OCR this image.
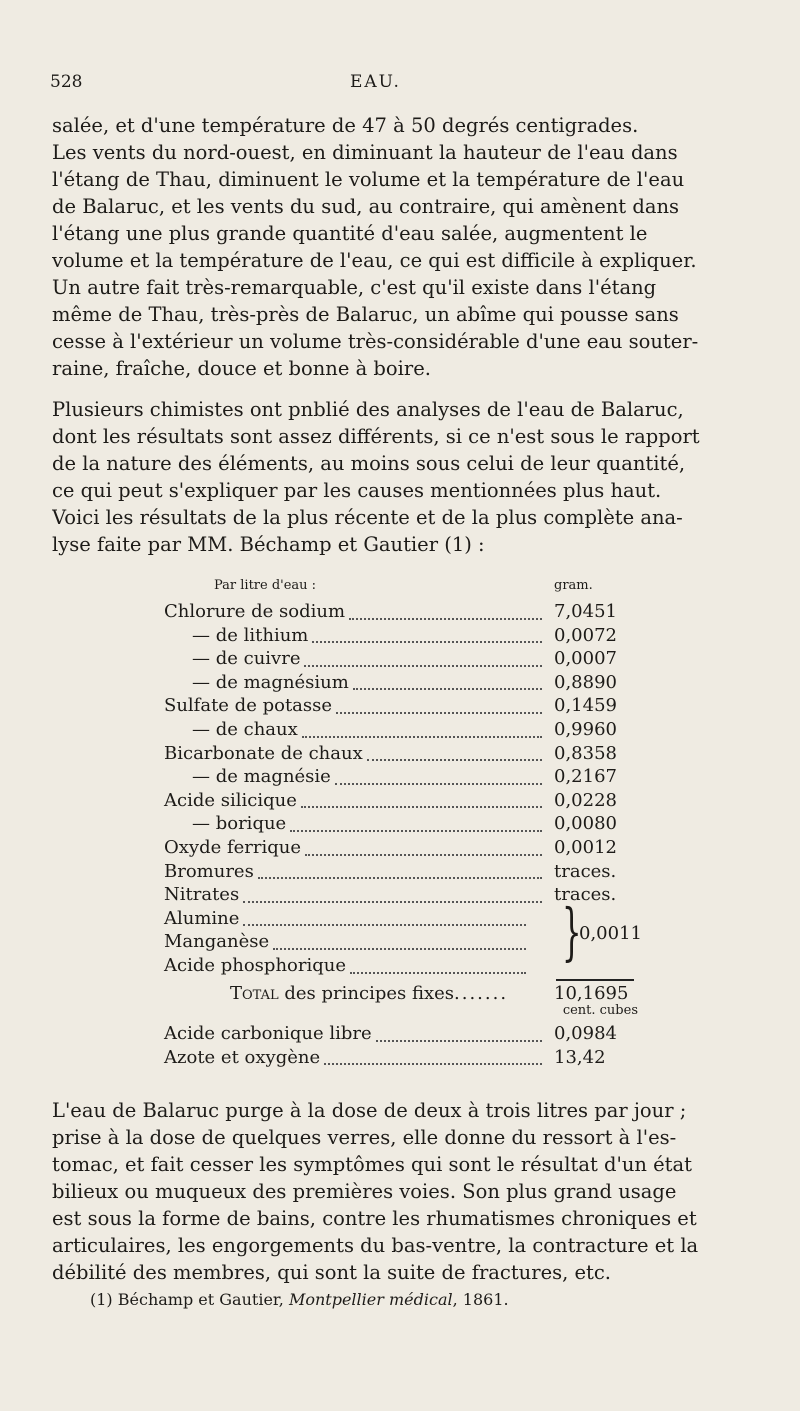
528	EAU.
salée, et d'une température de 47 à 50 degrés centigrades.
Les vents du nord-ouest, en diminuant la hauteur de l'eau dans
l'étang de Thau, diminuent le volume et la température de l'eau
de Balaruc, et les vents du sud, au contraire, qui amènent dans
l'étang une plus grande quantité d'eau salée, augmentent le
volume et la température de l'eau, ce qui est difficile à expliquer.
Un autre fait très-remarquable, c'est qu'il existe dans l'étang
même de Thau, très-près de Balaruc, un abîme qui pousse sans
cesse à l'extérieur un volume très-considérable d'une eau souter-
raine, fraîche, douce et bonne à boire.
Plusieurs chimistes ont pnblié des analyses de l'eau de Balaruc,
dont les résultats sont assez différents, si ce n'est sous le rapport
de la nature des éléments, au moins sous celui de leur quantité,
ce qui peut s'expliquer par les causes mentionnées plus haut.
Voici les résultats de la plus récente et de la plus complète ana-
lyse faite par MM. Béchamp et Gautier (1) :
Par litre d'eau :	gram.
Chlorure de sodium	7,0451
— de lithium	0,0072
— de cuivre	0,0007
— de magnésium	0,8890
Sulfate de potasse	0,1459
— de chaux	0,9960
Bicarbonate de chaux	0,8358
— de magnésie	0,2167
Acide silicique	0,0228
— borique	0,0080
Oxyde ferrique	0,0012
Bromures	traces.
Nitrates	traces.
Alumine
Manganèse
Acide phosphorique	}
0,0011
Total des principes fixes.......	10,1695
cent. cubes
Acide carbonique libre	0,0984
Azote et oxygène	13,42
L'eau de Balaruc purge à la dose de deux à trois litres par jour ;
prise à la dose de quelques verres, elle donne du ressort à l'es-
tomac, et fait cesser les symptômes qui sont le résultat d'un état
bilieux ou muqueux des premières voies. Son plus grand usage
est sous la forme de bains, contre les rhumatismes chroniques et
articulaires, les engorgements du bas-ventre, la contracture et la
débilité des membres, qui sont la suite de fractures, etc.
(1) Béchamp et Gautier, Montpellier médical, 1861.
